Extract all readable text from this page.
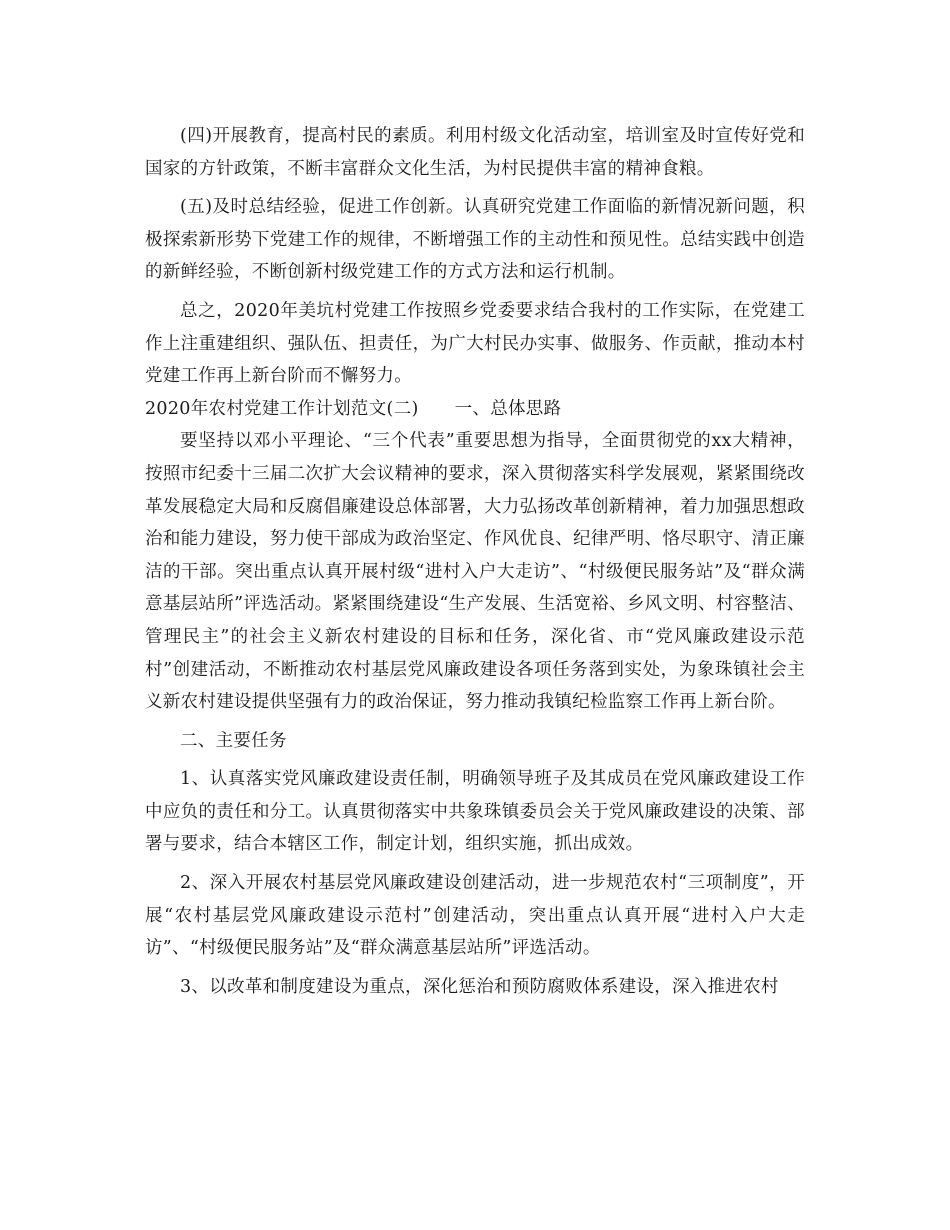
(四)开展教育，提高村民的素质。利用村级文化活动室，培训室及时宣传好党和国家的方针政策，不断丰富群众文化生活，为村民提供丰富的精神食粮。

(五)及时总结经验，促进工作创新。认真研究党建工作面临的新情况新问题，积极探索新形势下党建工作的规律，不断增强工作的主动性和预见性。总结实践中创造的新鲜经验，不断创新村级党建工作的方式方法和运行机制。

总之，2020年美坑村党建工作按照乡党委要求结合我村的工作实际，在党建工作上注重建组织、强队伍、担责任，为广大村民办实事、做服务、作贡献，推动本村党建工作再上新台阶而不懈努力。

2020年农村党建工作计划范文(二) 一、总体思路

要坚持以邓小平理论、“三个代表”重要思想为指导，全面贯彻党的xx大精神，按照市纪委十三届二次扩大会议精神的要求，深入贯彻落实科学发展观，紧紧围绕改革发展稳定大局和反腐倡廉建设总体部署，大力弘扬改革创新精神，着力加强思想政治和能力建设，努力使干部成为政治坚定、作风优良、纪律严明、恪尽职守、清正廉洁的干部。突出重点认真开展村级“进村入户大走访”、“村级便民服务站”及“群众满意基层站所”评选活动。紧紧围绕建设“生产发展、生活宽裕、乡风文明、村容整洁、管理民主”的社会主义新农村建设的目标和任务，深化省、市“党风廉政建设示范村”创建活动，不断推动农村基层党风廉政建设各项任务落到实处，为象珠镇社会主义新农村建设提供坚强有力的政治保证，努力推动我镇纪检监察工作再上新台阶。

二、主要任务

1、认真落实党风廉政建设责任制，明确领导班子及其成员在党风廉政建设工作中应负的责任和分工。认真贯彻落实中共象珠镇委员会关于党风廉政建设的决策、部署与要求，结合本辖区工作，制定计划，组织实施，抓出成效。

2、深入开展农村基层党风廉政建设创建活动，进一步规范农村“三项制度”，开展“农村基层党风廉政建设示范村”创建活动，突出重点认真开展“进村入户大走访”、“村级便民服务站”及“群众满意基层站所”评选活动。

3、以改革和制度建设为重点，深化惩治和预防腐败体系建设，深入推进农村
